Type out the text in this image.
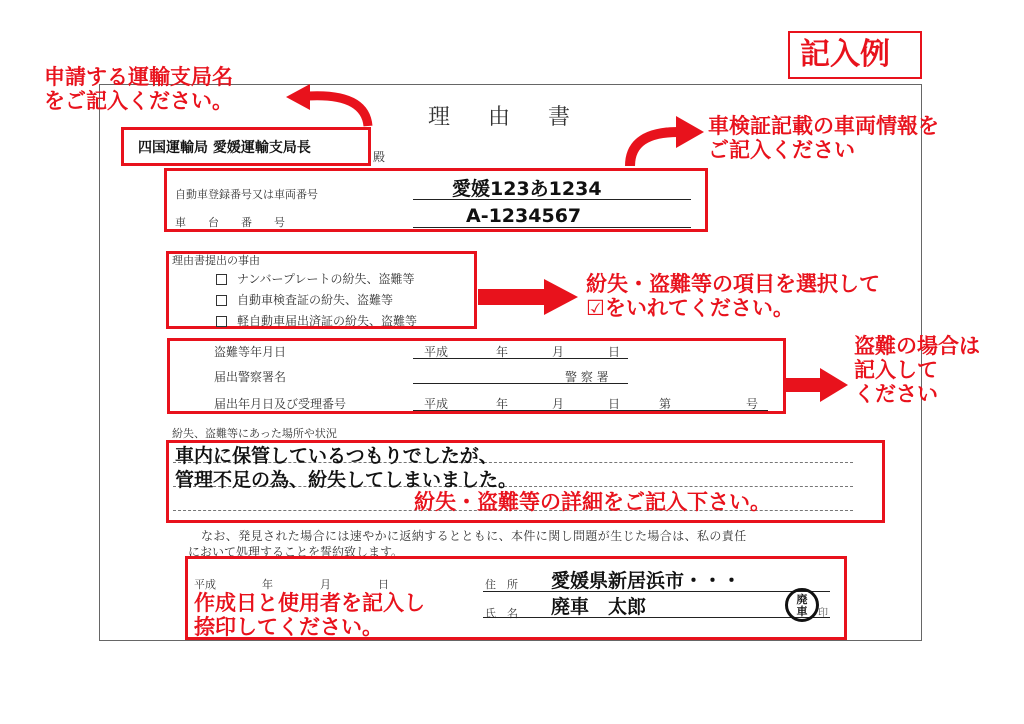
記入例
理　由　書
申請する運輸支局名
をご記入ください。
四国運輸局 愛媛運輸支局長
殿
車検証記載の車両情報を
ご記入ください
自動車登録番号又は車両番号	愛媛123あ1234
車　　台　　番　　号	A-1234567
理由書提出の事由
ナンバープレートの紛失、盗難等
自動車検査証の紛失、盗難等
軽自動車届出済証の紛失、盗難等
紛失・盗難等の項目を選択して
☑をいれてください。
盗難等年月日	平成	年	月	日
届出警察署名	警 察 署
届出年月日及び受理番号	平成	年	月	日	第	号
盗難の場合は
記入して
ください
紛失、盗難等にあった場所や状況
車内に保管しているつもりでしたが、
管理不足の為、紛失してしまいました。
紛失・盗難等の詳細をご記入下さい。
なお、発見された場合には速やかに返納するとともに、本件に関し問題が生じた場合は、私の責任
において処理することを誓約致します。
平成	年	月	日	住　所 愛媛県新居浜市・・・
氏　名 廃車　太郎	廃車 印
作成日と使用者を記入し
捺印してください。
